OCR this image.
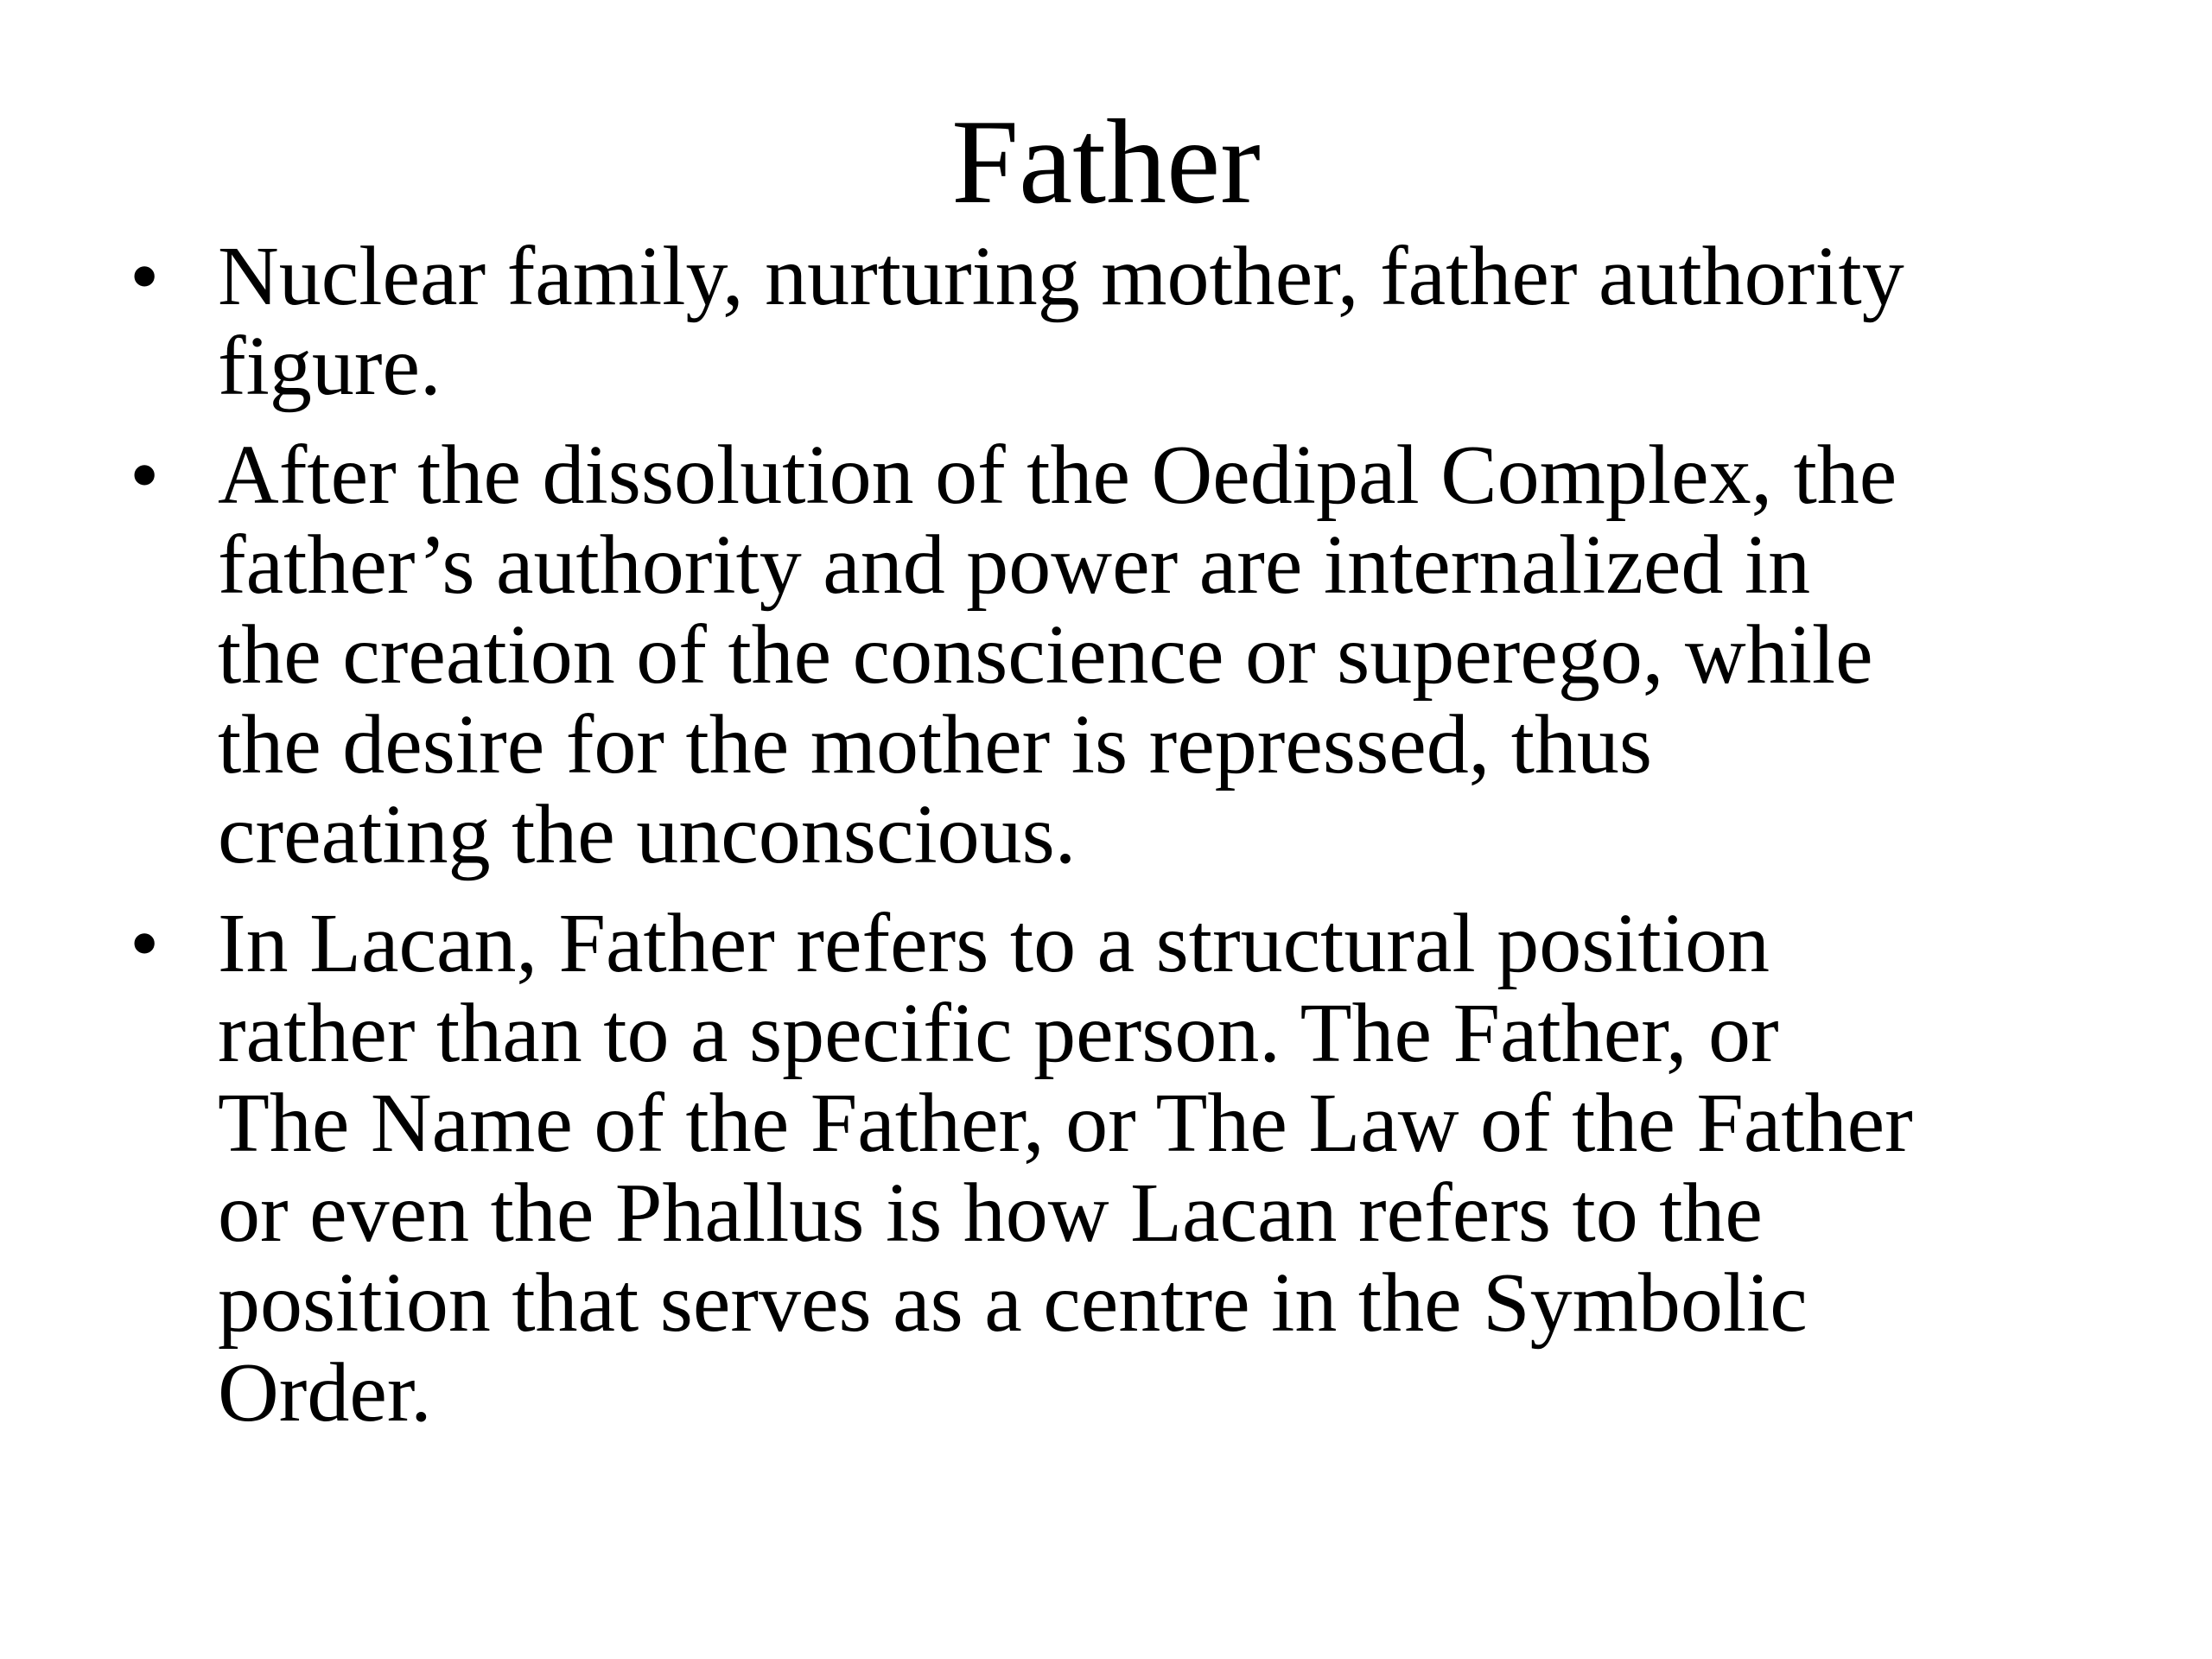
Father
• Nuclear family, nurturing mother, father authority
figure.
• After the dissolution of the Oedipal Complex, the
father’s authority and power are internalized in
the creation of the conscience or superego, while
the desire for the mother is repressed, thus
creating the unconscious.
• In Lacan, Father refers to a structural position
rather than to a specific person. The Father, or
The Name of the Father, or The Law of the Father
or even the Phallus is how Lacan refers to the
position that serves as a centre in the Symbolic
Order.
